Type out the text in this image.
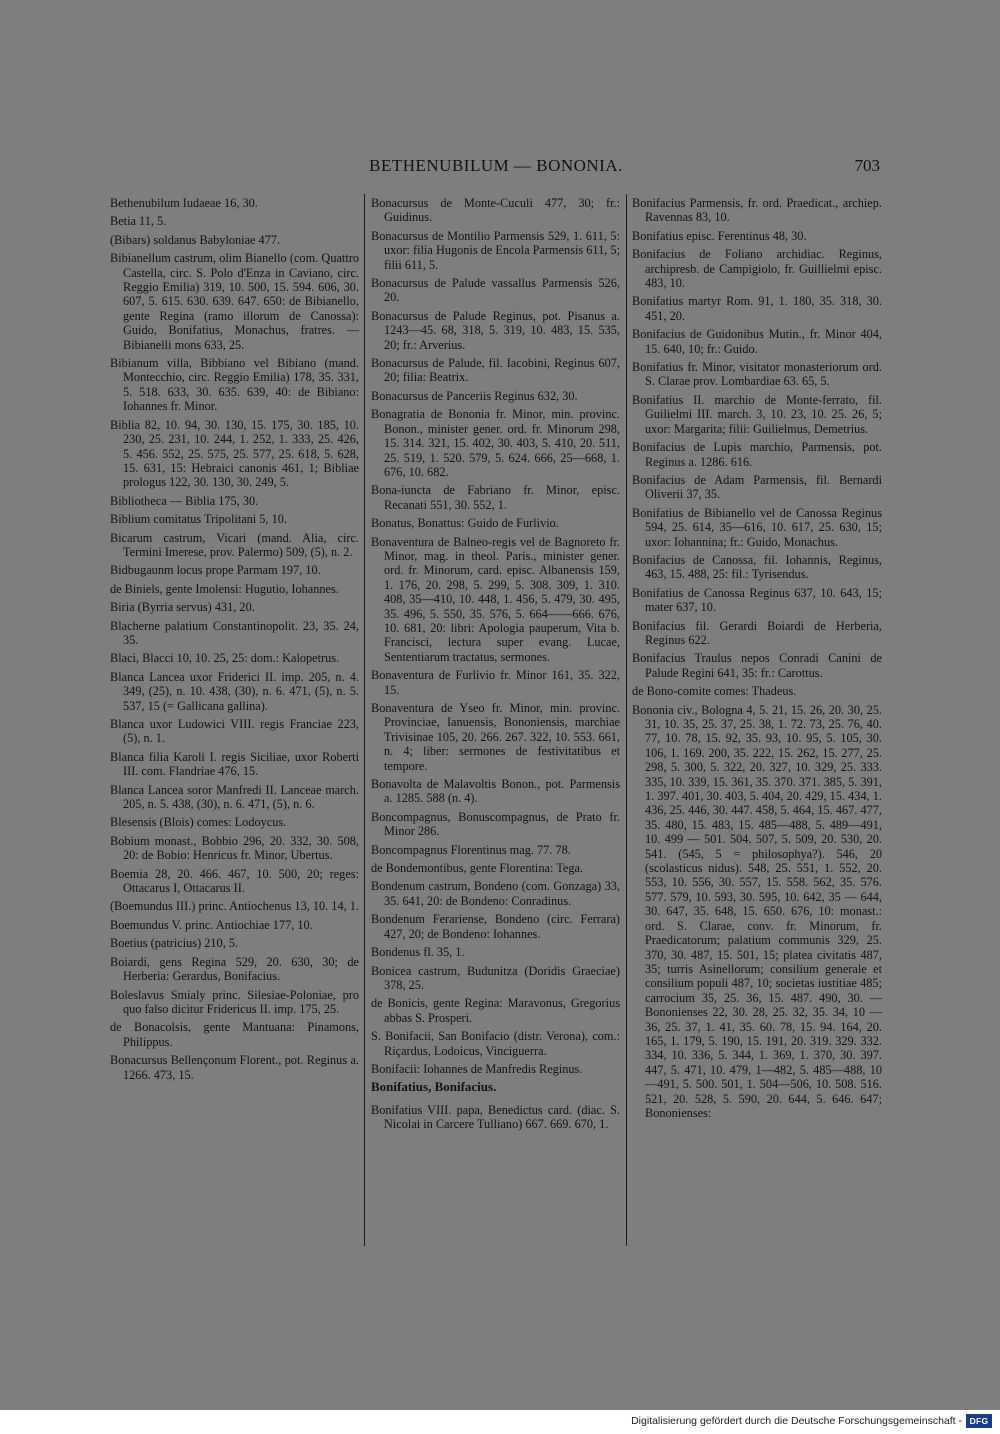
BETHENUBILUM — BONONIA.	703
Bethenubilum Iudaeae 16, 30.
Betia 11, 5.
(Bibars) soldanus Babyloniae 477.
Bibianellum castrum, olim Bianello (com. Quattro Castella, circ. S. Polo d'Enza in Caviano, circ. Reggio Emilia) 319, 10. 500, 15. 594. 606, 30. 607, 5. 615. 630. 639. 647. 650: de Bibianello, gente Regina (ramo illorum de Canossa): Guido, Bonifatius, Monachus, fratres. — Bibianelli mons 633, 25.
Bibianum villa, Bibbiano vel Bibiano (mand. Montecchio, circ. Reggio Emilia) 178, 35. 331, 5. 518. 633, 30. 635. 639, 40: de Bibiano: Iohannes fr. Minor.
Biblia 82, 10. 94, 30. 130, 15. 175, 30. 185, 10. 230, 25. 231, 10. 244, 1. 252, 1. 333, 25. 426, 5. 456. 552, 25. 575, 25. 577, 25. 618, 5. 628, 15. 631, 15: Hebraici canonis 461, 1; Bibliae prologus 122, 30. 130, 30. 249, 5.
Bibliotheca — Biblia 175, 30.
Biblium comitatus Tripolitani 5, 10.
Bicarum castrum, Vicari (mand. Alia, circ. Termini Imerese, prov. Palermo) 509, (5), n. 2.
Bidbugaunm locus prope Parmam 197, 10.
de Biniels, gente Imolensi: Hugutio, Iohannes.
Biria (Byrria servus) 431, 20.
Blacherne palatium Constantinopolit. 23, 35. 24, 35.
Blaci, Blacci 10, 10. 25, 25: dom.: Kalopetrus.
Blanca Lancea uxor Friderici II. imp. 205, n. 4. 349, (25), n. 10. 438, (30), n. 6. 471, (5), n. 5. 537, 15 (= Gallicana gallina).
Blanca uxor Ludowici VIII. regis Franciae 223, (5), n. 1.
Blanca filia Karoli I. regis Siciliae, uxor Roberti III. com. Flandriae 476, 15.
Blanca Lancea soror Manfredi II. Lanceae march. 205, n. 5. 438, (30), n. 6. 471, (5), n. 6.
Blesensis (Blois) comes: Lodoycus.
Bobium monast., Bobbio 296, 20. 332, 30. 508, 20: de Bobio: Henricus fr. Minor, Ubertus.
Boemia 28, 20. 466. 467, 10. 500, 20; reges: Ottacarus I, Ottacarus II.
(Boemundus III.) princ. Antiochenus 13, 10. 14, 1.
Boemundus V. princ. Antiochiae 177, 10.
Boetius (patricius) 210, 5.
Boiardi, gens Regina 529, 20. 630, 30; de Herberia: Gerardus, Bonifacius.
Boleslavus Smialy princ. Silesiae-Poloniae, pro quo falso dicitur Fridericus II. imp. 175, 25.
de Bonacolsis, gente Mantuana: Pinamons, Philippus.
Bonacursus Bellençonum Florent., pot. Reginus a. 1266. 473, 15.
Bonacursus de Monte-Cuculi 477, 30; fr.: Guidinus.
Bonacursus de Montilio Parmensis 529, 1. 611, 5: uxor: filia Hugonis de Encola Parmensis 611, 5; filii 611, 5.
Bonacursus de Palude vassallus Parmensis 526, 20.
Bonacursus de Palude Reginus, pot. Pisanus a. 1243—45. 68, 318, 5. 319, 10. 483, 15. 535, 20; fr.: Arverius.
Bonacursus de Palude, fil. Iacobini, Reginus 607, 20; filia: Beatrix.
Bonacursus de Panceriis Reginus 632, 30.
Bonagratia de Bononia fr. Minor, min. provinc. Bonon., minister gener. ord. fr. Minorum 298, 15. 314. 321, 15. 402, 30. 403, 5. 410, 20. 511, 25. 519, 1. 520. 579, 5. 624. 666, 25—668, 1. 676, 10. 682.
Bona-iuncta de Fabriano fr. Minor, episc. Recanati 551, 30. 552, 1.
Bonatus, Bonattus: Guido de Furlivio.
Bonaventura de Balneo-regis vel de Bagnoreto fr. Minor, mag. in theol. Paris., minister gener. ord. fr. Minorum, card. episc. Albanensis 159, 1. 176, 20. 298, 5. 299, 5. 308. 309, 1. 310. 408, 35—410, 10. 448, 1. 456, 5. 479, 30. 495, 35. 496, 5. 550, 35. 576, 5. 664——666. 676, 10. 681, 20: libri: Apologia pauperum, Vita b. Francisci, lectura super evang. Lucae, Sententiarum tractatus, sermones.
Bonaventura de Furlivio fr. Minor 161, 35. 322, 15.
Bonaventura de Yseo fr. Minor, min. provinc. Provinciae, Ianuensis, Bononiensis, marchiae Trivisinae 105, 20. 266. 267. 322, 10. 553. 661, n. 4; liber: sermones de festivitatibus et tempore.
Bonavolta de Malavoltis Bonon., pot. Parmensis a. 1285. 588 (n. 4).
Boncompagnus, Bonuscompagnus, de Prato fr. Minor 286.
Boncompagnus Florentinus mag. 77. 78.
de Bondemontibus, gente Florentina: Tega.
Bondenum castrum, Bondeno (com. Gonzaga) 33, 35. 641, 20: de Bondeno: Conradinus.
Bondenum Ferariense, Bondeno (circ. Ferrara) 427, 20; de Bondeno: Iohannes.
Bondenus fl. 35, 1.
Bonicea castrum, Budunitza (Doridis Graeciae) 378, 25.
de Bonicis, gente Regina: Maravonus, Gregorius abbas S. Prosperi.
S. Bonifacii, San Bonifacio (distr. Verona), com.: Riçardus, Lodoicus, Vinciguerra.
Bonifacii: Iohannes de Manfredis Reginus.
Bonifatius, Bonifacius.
Bonifatius VIII. papa, Benedictus card. (diac. S. Nicolai in Carcere Tulliano) 667. 669. 670, 1.
Bonifacius Parmensis, fr. ord. Praedicat., archiep. Ravennas 83, 10.
Bonifatius episc. Ferentinus 48, 30.
Bonifacius de Foliano archidiac. Reginus, archipresb. de Campigiolo, fr. Guillielmi episc. 483, 10.
Bonifatius martyr Rom. 91, 1. 180, 35. 318, 30. 451, 20.
Bonifacius de Guidonibus Mutin., fr. Minor 404, 15. 640, 10; fr.: Guido.
Bonifatius fr. Minor, visitator monasteriorum ord. S. Clarae prov. Lombardiae 63. 65, 5.
Bonifatius II. marchio de Monte-ferrato, fil. Guilielmi III. march. 3, 10. 23, 10. 25. 26, 5; uxor: Margarita; filii: Guilielmus, Demetrius.
Bonifacius de Lupis marchio, Parmensis, pot. Reginus a. 1286. 616.
Bonifacius de Adam Parmensis, fil. Bernardi Oliverii 37, 35.
Bonifatius de Bibianello vel de Canossa Reginus 594, 25. 614, 35—616, 10. 617, 25. 630, 15; uxor: Iohannina; fr.: Guido, Monachus.
Bonifacius de Canossa, fil. Iohannis, Reginus, 463, 15. 488, 25: fil.: Tyrisendus.
Bonifatius de Canossa Reginus 637, 10. 643, 15; mater 637, 10.
Bonifacius fil. Gerardi Boiardi de Herberia, Reginus 622.
Bonifacius Traulus nepos Conradi Canini de Palude Regini 641, 35: fr.: Carottus.
de Bono-comite comes: Thadeus.
Bononia civ., Bologna 4, 5. 21, 15. 26, 20. 30, 25. 31, 10. 35, 25. 37, 25. 38, 1. 72. 73, 25. 76, 40. 77, 10. 78, 15. 92, 35. 93, 10. 95, 5. 105, 30. 106, 1. 169. 200, 35. 222, 15. 262, 15. 277, 25. 298, 5. 300, 5. 322, 20. 327, 10. 329, 25. 333. 335, 10. 339, 15. 361, 35. 370. 371. 385, 5. 391, 1. 397. 401, 30. 403, 5. 404, 20. 429, 15. 434, 1. 436, 25. 446, 30. 447. 458, 5. 464, 15. 467. 477, 35. 480, 15. 483, 15. 485—488, 5. 489—491, 10. 499 — 501. 504. 507, 5. 509, 20. 530, 20. 541. (545, 5 = philosophya?). 546, 20 (scolasticus nidus). 548, 25. 551, 1. 552, 20. 553, 10. 556, 30. 557, 15. 558. 562, 35. 576. 577. 579, 10. 593, 30. 595, 10. 642, 35 — 644, 30. 647, 35. 648, 15. 650. 676, 10: monast.: ord. S. Clarae, conv. fr. Minorum, fr. Praedicatorum; palatium communis 329, 25. 370, 30. 487, 15. 501, 15; platea civitatis 487, 35; turris Asinellorum; consilium generale et consilium populi 487, 10; societas iustitiae 485; carrocium 35, 25. 36, 15. 487. 490, 30. — Bononienses 22, 30. 28, 25. 32, 35. 34, 10 — 36, 25. 37, 1. 41, 35. 60. 78, 15. 94. 164, 20. 165, 1. 179, 5. 190, 15. 191, 20. 319. 329. 332. 334, 10. 336, 5. 344, 1. 369, 1. 370, 30. 397. 447, 5. 471, 10. 479, 1—482, 5. 485—488, 10—491, 5. 500. 501, 1. 504—506, 10. 508. 516. 521, 20. 528, 5. 590, 20. 644, 5. 646. 647; Bononienses:
Digitalisierung gefördert durch die Deutsche Forschungsgemeinschaft - DFG
